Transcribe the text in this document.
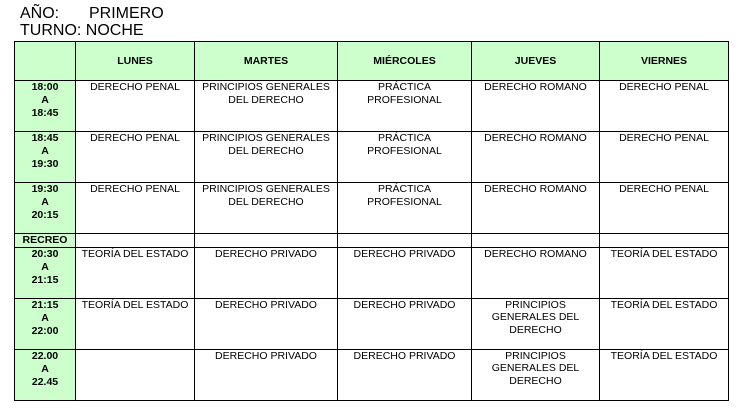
AÑO: PRIMERO
TURNO: NOCHE
	LUNES	MARTES	MIÉRCOLES	JUEVES	VIERNES

18:00
A
18:45	DERECHO PENAL	PRINCIPIOS GENERALES DEL DERECHO	PRÁCTICA PROFESIONAL	DERECHO ROMANO	DERECHO PENAL

18:45
A
19:30	DERECHO PENAL	PRINCIPIOS GENERALES DEL DERECHO	PRÁCTICA PROFESIONAL	DERECHO ROMANO	DERECHO PENAL

19:30
A
20:15	DERECHO PENAL	PRINCIPIOS GENERALES DEL DERECHO	PRÁCTICA PROFESIONAL	DERECHO ROMANO	DERECHO PENAL
RECREO					

20:30
A
21:15	TEORÍA DEL ESTADO	DERECHO PRIVADO	DERECHO PRIVADO	DERECHO ROMANO	TEORÍA DEL ESTADO

21:15
A
22:00	TEORÍA DEL ESTADO	DERECHO PRIVADO	DERECHO PRIVADO	PRINCIPIOS GENERALES DEL DERECHO	TEORÍA DEL ESTADO

22.00
A
22.45		DERECHO PRIVADO	DERECHO PRIVADO	PRINCIPIOS GENERALES DEL DERECHO	TEORÍA DEL ESTADO
